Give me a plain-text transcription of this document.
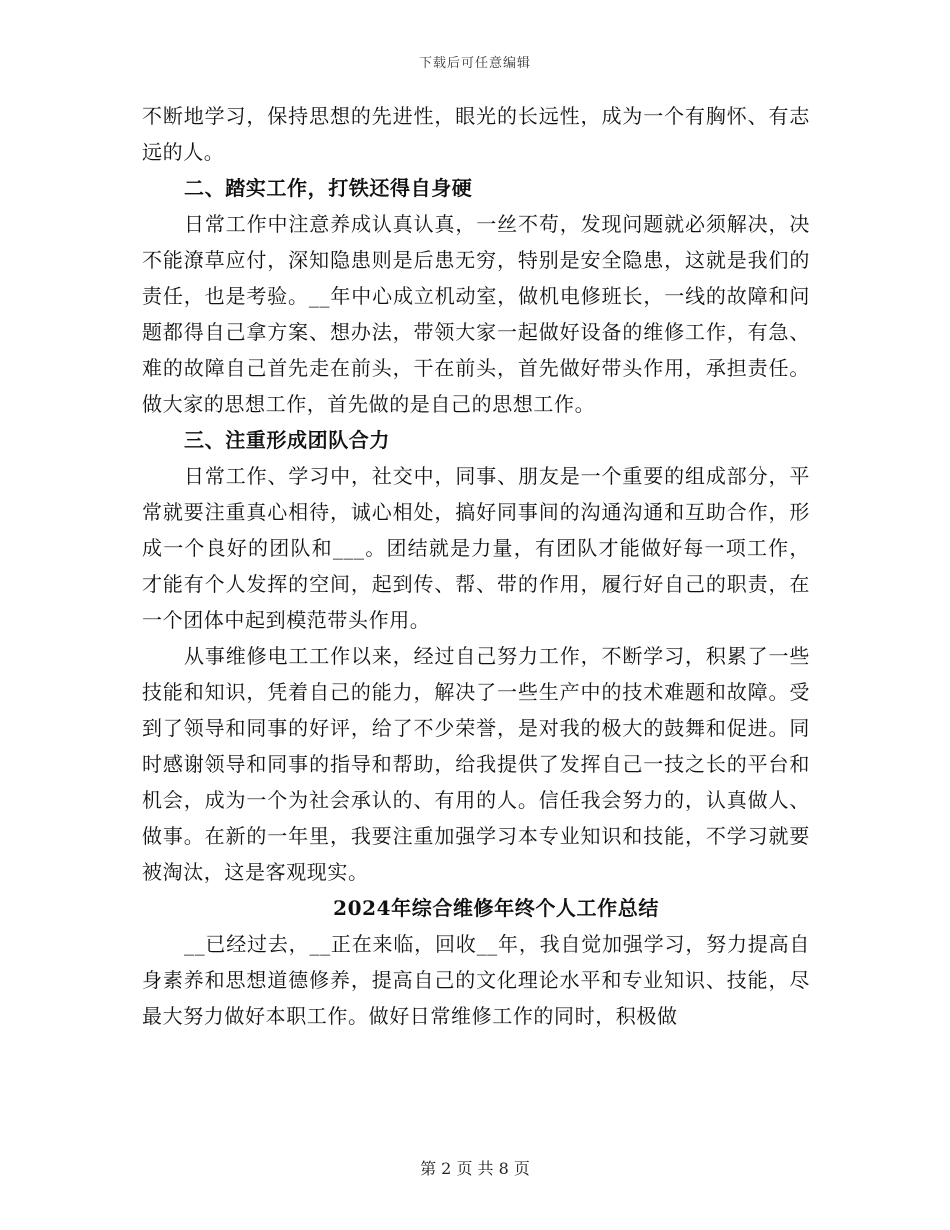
下载后可任意编辑

不断地学习，保持思想的先进性，眼光的长远性，成为一个有胸怀、有志远的人。

二、踏实工作，打铁还得自身硬

日常工作中注意养成认真认真，一丝不苟，发现问题就必须解决，决不能潦草应付，深知隐患则是后患无穷，特别是安全隐患，这就是我们的责任，也是考验。__年中心成立机动室，做机电修班长，一线的故障和问题都得自己拿方案、想办法，带领大家一起做好设备的维修工作，有急、难的故障自己首先走在前头，干在前头，首先做好带头作用，承担责任。做大家的思想工作，首先做的是自己的思想工作。

三、注重形成团队合力

日常工作、学习中，社交中，同事、朋友是一个重要的组成部分，平常就要注重真心相待，诚心相处，搞好同事间的沟通沟通和互助合作，形成一个良好的团队和___。团结就是力量，有团队才能做好每一项工作，才能有个人发挥的空间，起到传、帮、带的作用，履行好自己的职责，在一个团体中起到模范带头作用。

从事维修电工工作以来，经过自己努力工作，不断学习，积累了一些技能和知识，凭着自己的能力，解决了一些生产中的技术难题和故障。受到了领导和同事的好评，给了不少荣誉，是对我的极大的鼓舞和促进。同时感谢领导和同事的指导和帮助，给我提供了发挥自己一技之长的平台和机会，成为一个为社会承认的、有用的人。信任我会努力的，认真做人、做事。在新的一年里，我要注重加强学习本专业知识和技能，不学习就要被淘汰，这是客观现实。

2024年综合维修年终个人工作总结

__已经过去，__正在来临，回收__年，我自觉加强学习，努力提高自身素养和思想道德修养，提高自己的文化理论水平和专业知识、技能，尽最大努力做好本职工作。做好日常维修工作的同时，积极做

第 2 页 共 8 页
